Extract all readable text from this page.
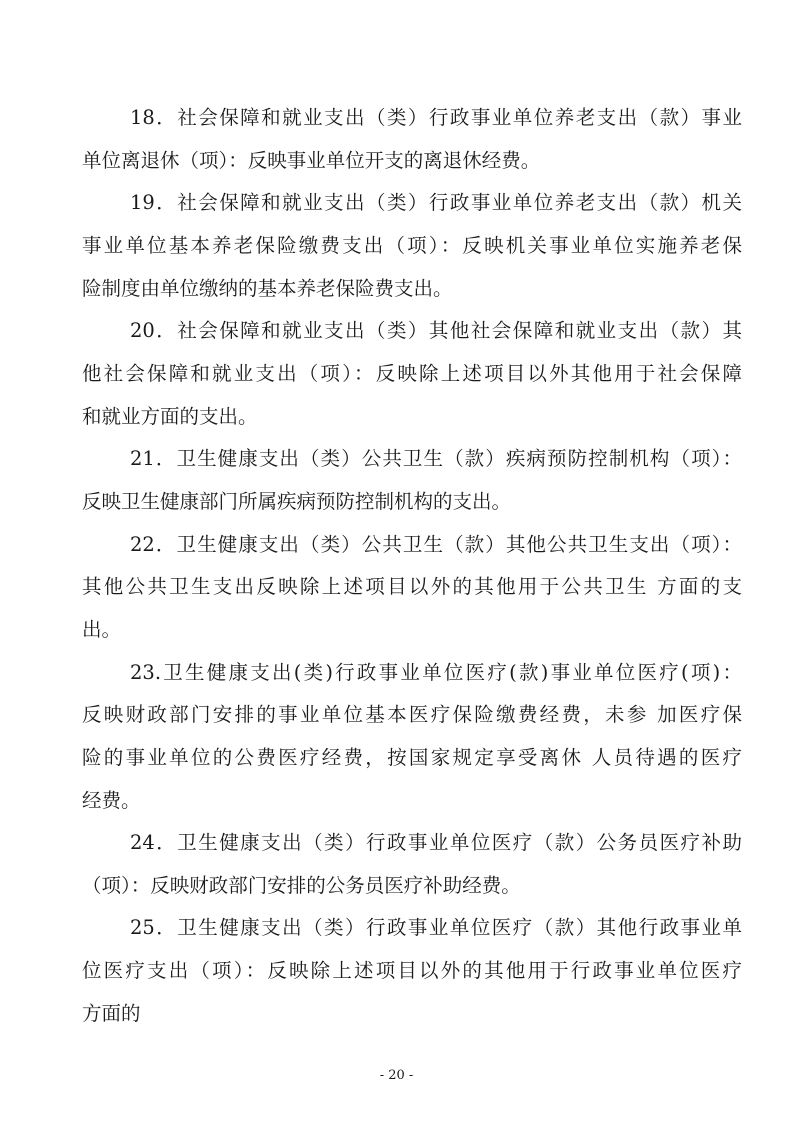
18．社会保障和就业支出（类）行政事业单位养老支出（款）事业
单位离退休（项）：反映事业单位开支的离退休经费。
19．社会保障和就业支出（类）行政事业单位养老支出（款）机关
事业单位基本养老保险缴费支出（项）：反映机关事业单位实施养老保
险制度由单位缴纳的基本养老保险费支出。
20．社会保障和就业支出（类）其他社会保障和就业支出（款）其
他社会保障和就业支出（项）：反映除上述项目以外其他用于社会保障
和就业方面的支出。
21．卫生健康支出（类）公共卫生（款）疾病预防控制机构（项）：
反映卫生健康部门所属疾病预防控制机构的支出。
22．卫生健康支出（类）公共卫生（款）其他公共卫生支出（项）：
其他公共卫生支出反映除上述项目以外的其他用于公共卫生 方面的支
出。
23.卫生健康支出(类)行政事业单位医疗(款)事业单位医疗(项)：
反映财政部门安排的事业单位基本医疗保险缴费经费，未参 加医疗保
险的事业单位的公费医疗经费，按国家规定享受离休 人员待遇的医疗
经费。
24．卫生健康支出（类）行政事业单位医疗（款）公务员医疗补助
（项）：反映财政部门安排的公务员医疗补助经费。
25．卫生健康支出（类）行政事业单位医疗（款）其他行政事业单
位医疗支出（项）：反映除上述项目以外的其他用于行政事业单位医疗
方面的
- 20 -
